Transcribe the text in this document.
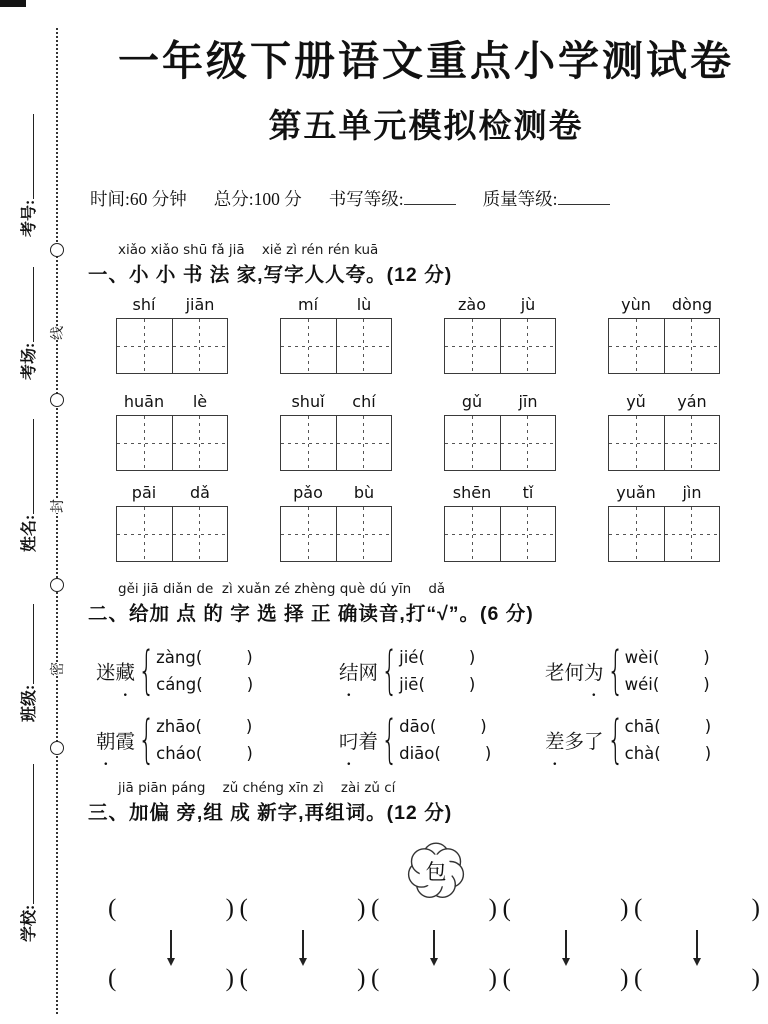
考号:
考场:
姓名:
班级:
学校:
线
封
密
一年级下册语文重点小学测试卷
第五单元模拟检测卷
时间:60 分钟 总分:100 分 书写等级:	质量等级:
xiǎo xiǎo shū fǎ jiā    xiě zì rén rén kuā
一、小 小 书 法 家,写字人人夸。(12 分)
shí	jiān	mí	lù	zào	jù	yùn	dòng
huān	lè	shuǐ	chí	gǔ	jīn	yǔ	yán
pāi	dǎ	pǎo	bù	shēn	tǐ	yuǎn	jìn
gěi jiā diǎn de  zì xuǎn zé zhèng què dú yīn    dǎ
二、给加 点 的 字 选 择 正 确读音,打“√”。(6 分)
迷藏
· { zàng (	)
cáng (	)
结
·
网 { jié (	)
jiē (	)
老何为
· { wèi (	)
wéi (	)
朝
·
霞 { zhāo (	)
cháo (	)
叼
·
着 { dāo (	)
diāo (	)
差
·
多了 { chā (	)
chà (	)
jiā piān páng    zǔ chéng xīn zì    zài zǔ cí
三、加偏 旁,组 成 新字,再组词。(12 分)
包
(	) (	) (	) (	) (	)
(	) (	) (	) (	) (	)
